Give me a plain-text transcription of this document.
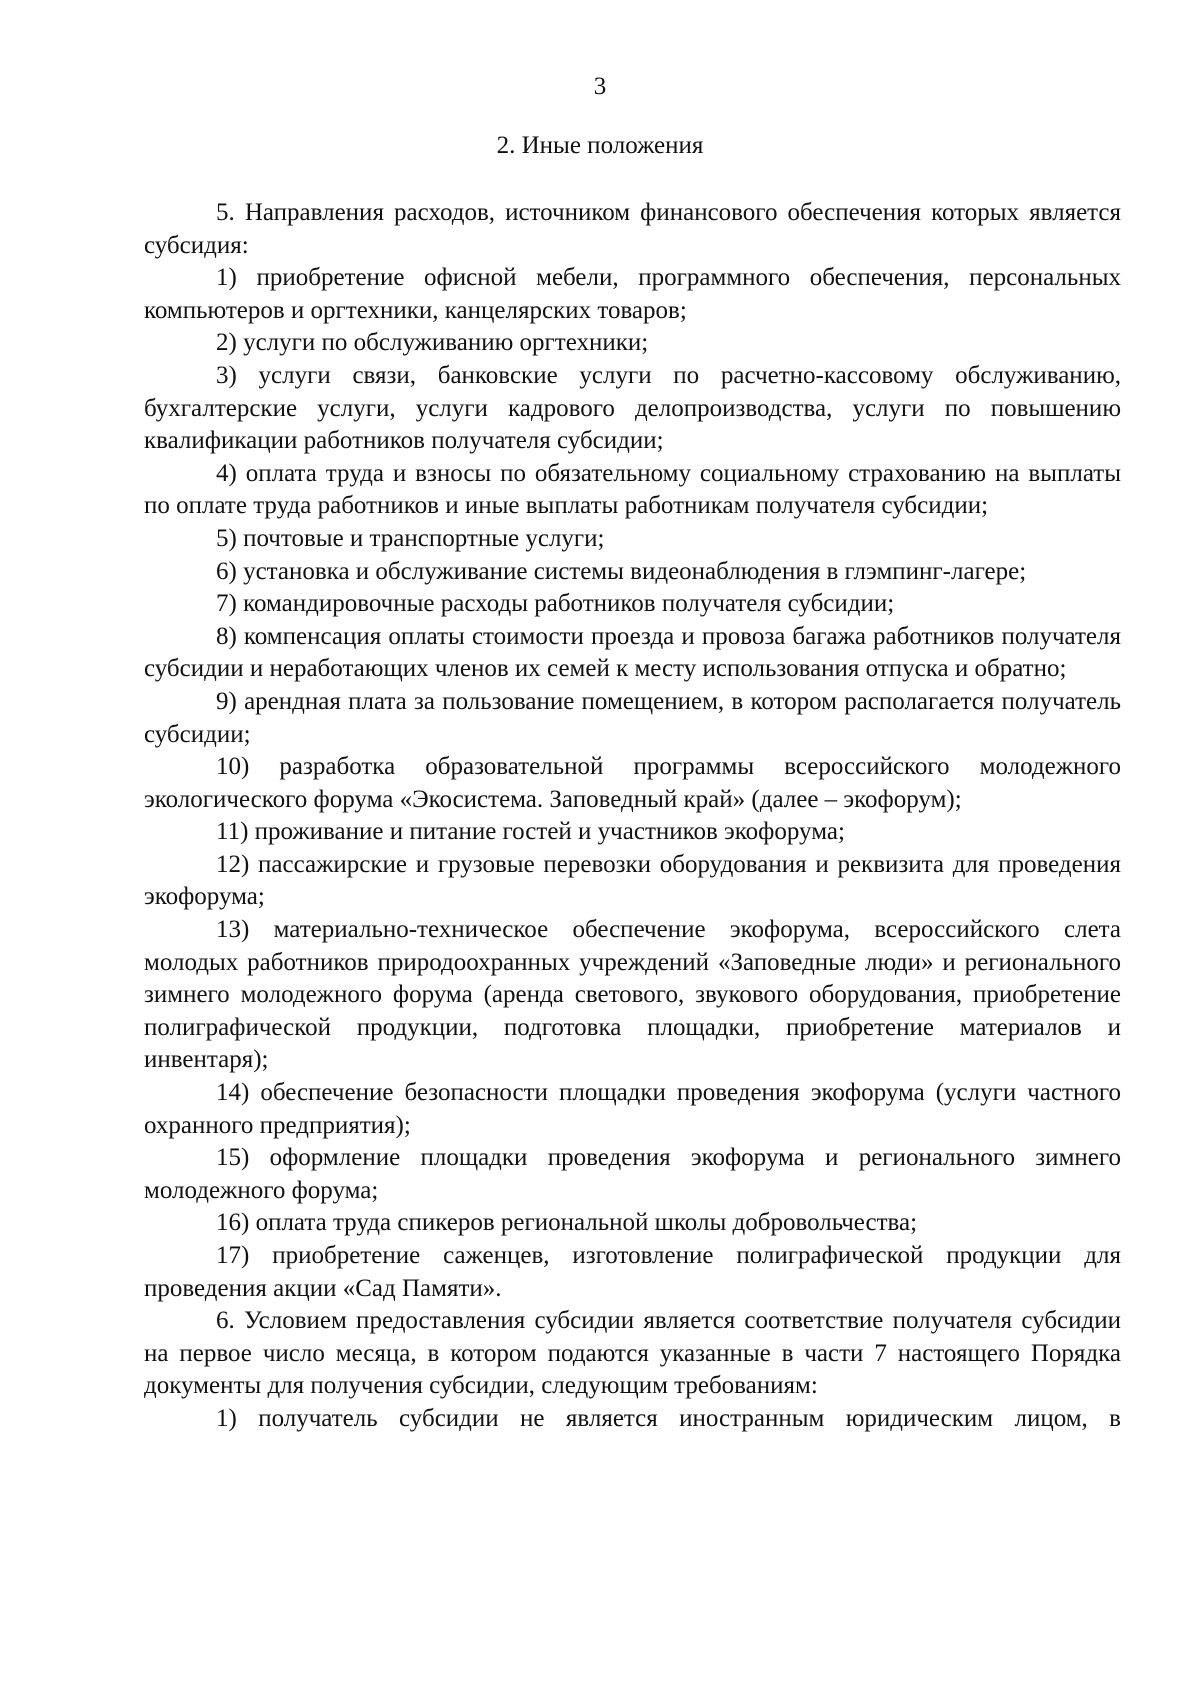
3
2. Иные положения

5. Направления расходов, источником финансового обеспечения которых является субсидия:

1) приобретение офисной мебели, программного обеспечения, персональных компьютеров и оргтехники, канцелярских товаров;

2) услуги по обслуживанию оргтехники;

3) услуги связи, банковские услуги по расчетно-кассовому обслуживанию, бухгалтерские услуги, услуги кадрового делопроизводства, услуги по повышению квалификации работников получателя субсидии;

4) оплата труда и взносы по обязательному социальному страхованию на выплаты по оплате труда работников и иные выплаты работникам получателя субсидии;

5) почтовые и транспортные услуги;

6) установка и обслуживание системы видеонаблюдения в глэмпинг-лагере;

7) командировочные расходы работников получателя субсидии;

8) компенсация оплаты стоимости проезда и провоза багажа работников получателя субсидии и неработающих членов их семей к месту использования отпуска и обратно;

9) арендная плата за пользование помещением, в котором располагается получатель субсидии;

10) разработка образовательной программы всероссийского молодежного экологического форума «Экосистема. Заповедный край» (далее – экофорум);

11) проживание и питание гостей и участников экофорума;

12) пассажирские и грузовые перевозки оборудования и реквизита для проведения экофорума;

13) материально-техническое обеспечение экофорума, всероссийского слета молодых работников природоохранных учреждений «Заповедные люди» и регионального зимнего молодежного форума (аренда светового, звукового оборудования, приобретение полиграфической продукции, подготовка площадки, приобретение материалов и инвентаря);

14) обеспечение безопасности площадки проведения экофорума (услуги частного охранного предприятия);

15) оформление площадки проведения экофорума и регионального зимнего молодежного форума;

16) оплата труда спикеров региональной школы добровольчества;

17) приобретение саженцев, изготовление полиграфической продукции для проведения акции «Сад Памяти».

6. Условием предоставления субсидии является соответствие получателя субсидии на первое число месяца, в котором подаются указанные в части 7 настоящего Порядка документы для получения субсидии, следующим требованиям:

1) получатель субсидии не является иностранным юридическим лицом, в
